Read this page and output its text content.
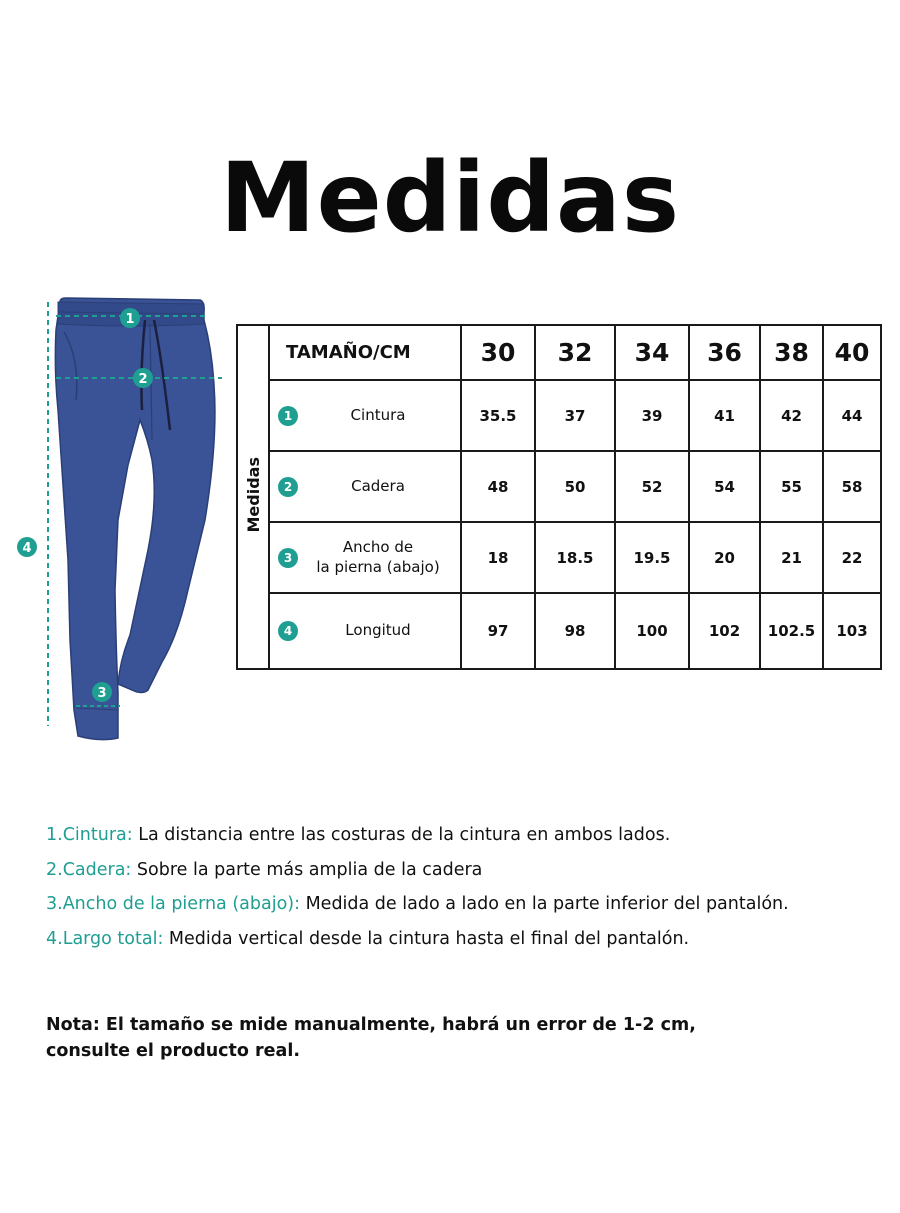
Medidas
1
2
3
4
Medidas	TAMAÑO/CM	30	32	34	36	38	40

1 Cintura	35.5	37	39	41	42	44

2 Cadera	48	50	52	54	55	58

3
Ancho de
la pierna (abajo)	18	18.5	19.5	20	21	22

4 Longitud	97	98	100	102	102.5	103
1.Cintura: La distancia entre las costuras de la cintura en ambos lados.
2.Cadera: Sobre la parte más amplia de la cadera
3.Ancho de la pierna (abajo): Medida de lado a lado en la parte inferior del pantalón.
4.Largo total: Medida vertical desde la cintura hasta el final del pantalón.
Nota: El tamaño se mide manualmente, habrá un error de 1-2 cm,
consulte el producto real.
